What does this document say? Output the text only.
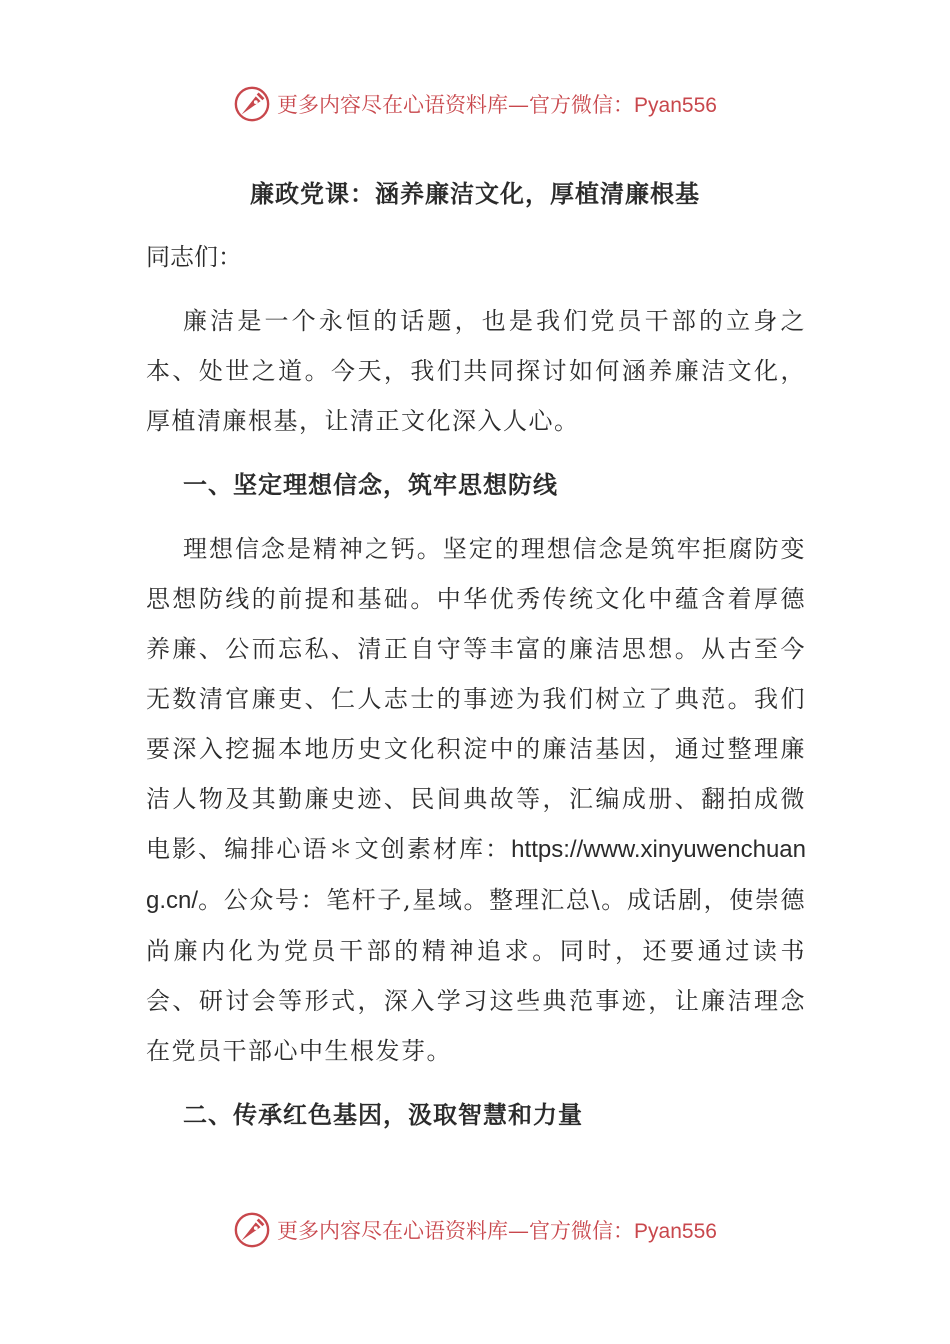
更多内容尽在心语资料库—官方微信：Pyan556
廉政党课：涵养廉洁文化，厚植清廉根基

同志们：

廉洁是一个永恒的话题，也是我们党员干部的立身之本、处世之道。今天，我们共同探讨如何涵养廉洁文化，厚植清廉根基，让清正文化深入人心。

一、坚定理想信念，筑牢思想防线

理想信念是精神之钙。坚定的理想信念是筑牢拒腐防变思想防线的前提和基础。中华优秀传统文化中蕴含着厚德养廉、公而忘私、清正自守等丰富的廉洁思想。从古至今无数清官廉吏、仁人志士的事迹为我们树立了典范。我们要深入挖掘本地历史文化积淀中的廉洁基因，通过整理廉洁人物及其勤廉史迹、民间典故等，汇编成册、翻拍成微电影、编排心语＊文创素材库：https://www.xinyuwenchuang.cn/。公众号：笔杆子,星域。整理汇总\。成话剧，使崇德尚廉内化为党员干部的精神追求。同时，还要通过读书会、研讨会等形式，深入学习这些典范事迹，让廉洁理念在党员干部心中生根发芽。

二、传承红色基因，汲取智慧和力量

更多内容尽在心语资料库—官方微信：Pyan556
